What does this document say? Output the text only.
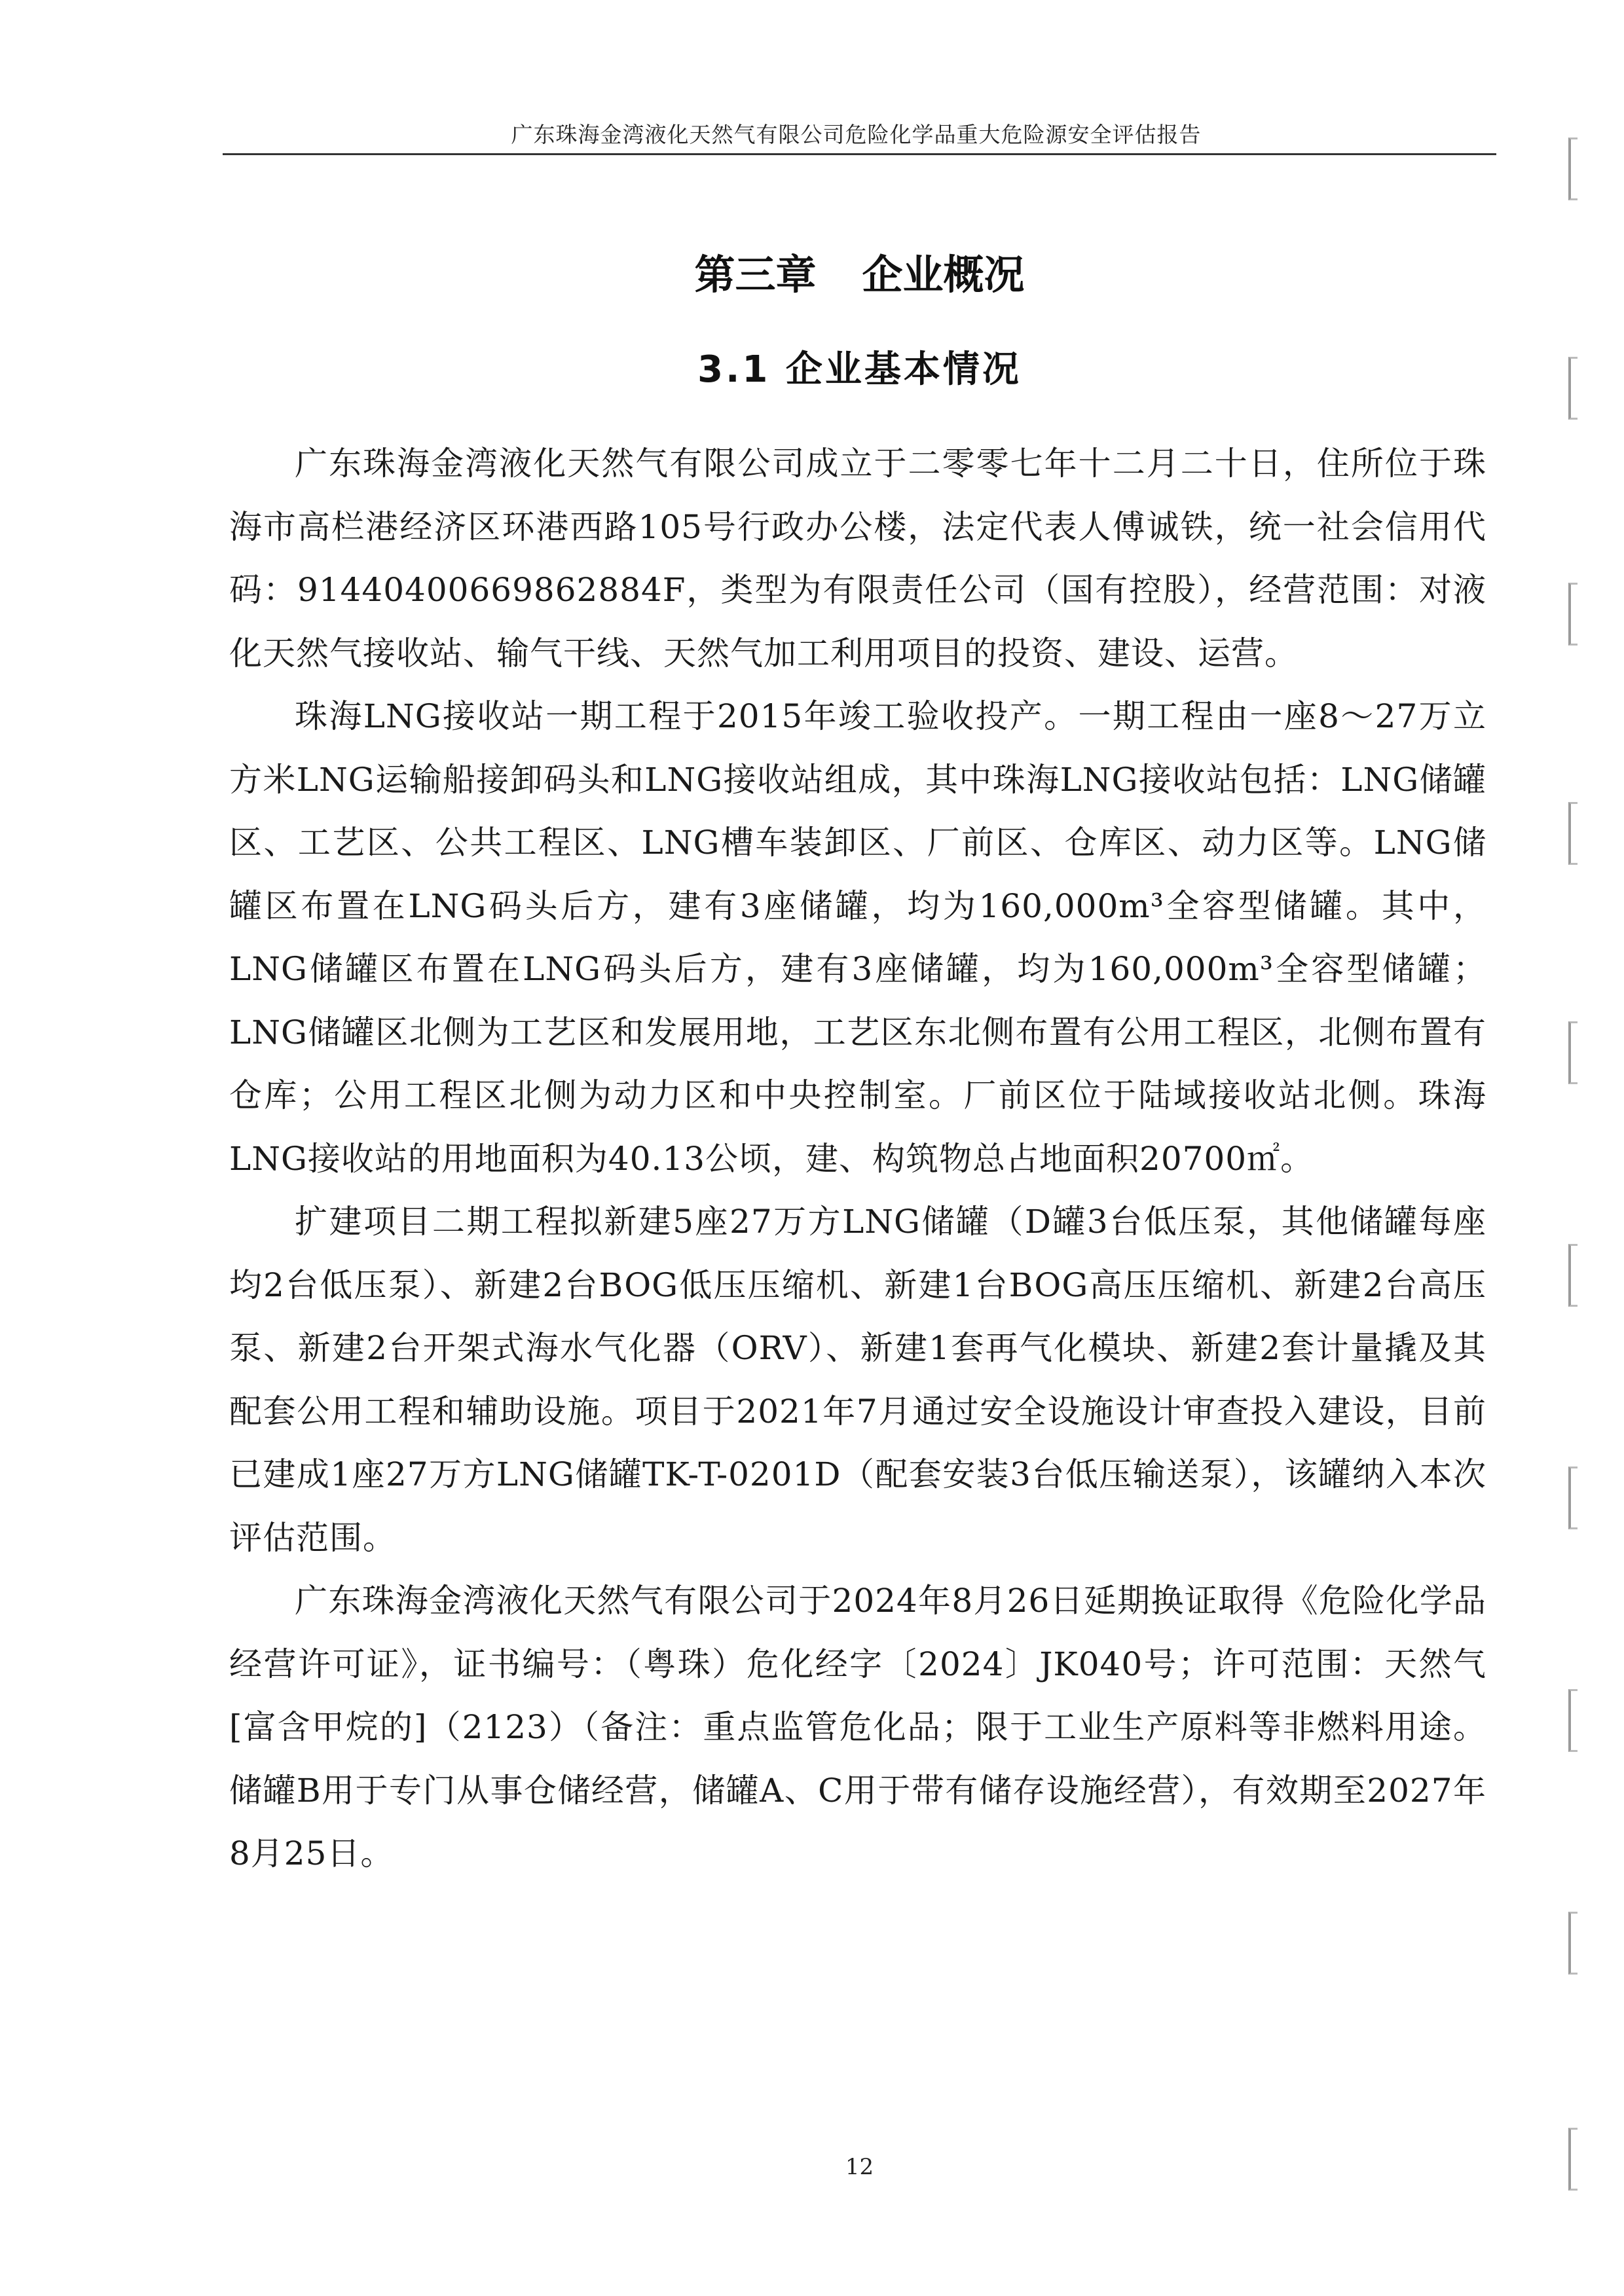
广东珠海金湾液化天然气有限公司危险化学品重大危险源安全评估报告
第三章 企业概况
3.1 企业基本情况

广东珠海金湾液化天然气有限公司成立于二零零七年十二月二十日，住所位于珠海市高栏港经济区环港西路105号行政办公楼，法定代表人傅诚铁，统一社会信用代码：91440400669862884F，类型为有限责任公司（国有控股），经营范围：对液化天然气接收站、输气干线、天然气加工利用项目的投资、建设、运营。

珠海LNG接收站一期工程于2015年竣工验收投产。一期工程由一座8～27万立方米LNG运输船接卸码头和LNG接收站组成，其中珠海LNG接收站包括：LNG储罐区、工艺区、公共工程区、LNG槽车装卸区、厂前区、仓库区、动力区等。LNG储罐区布置在LNG码头后方，建有3座储罐，均为160,000m³全容型储罐。其中，LNG储罐区布置在LNG码头后方，建有3座储罐，均为160,000m³全容型储罐；LNG储罐区北侧为工艺区和发展用地，工艺区东北侧布置有公用工程区，北侧布置有仓库；公用工程区北侧为动力区和中央控制室。厂前区位于陆域接收站北侧。珠海LNG接收站的用地面积为40.13公顷，建、构筑物总占地面积20700㎡。

扩建项目二期工程拟新建5座27万方LNG储罐（D罐3台低压泵，其他储罐每座均2台低压泵）、新建2台BOG低压压缩机、新建1台BOG高压压缩机、新建2台高压泵、新建2台开架式海水气化器（ORV）、新建1套再气化模块、新建2套计量撬及其配套公用工程和辅助设施。项目于2021年7月通过安全设施设计审查投入建设，目前已建成1座27万方LNG储罐TK-T-0201D（配套安装3台低压输送泵），该罐纳入本次评估范围。

广东珠海金湾液化天然气有限公司于2024年8月26日延期换证取得《危险化学品经营许可证》，证书编号：（粤珠）危化经字〔2024〕JK040号；许可范围：天然气[富含甲烷的]（2123）（备注：重点监管危化品；限于工业生产原料等非燃料用途。储罐B用于专门从事仓储经营，储罐A、C用于带有储存设施经营），有效期至2027年8月25日。

12
